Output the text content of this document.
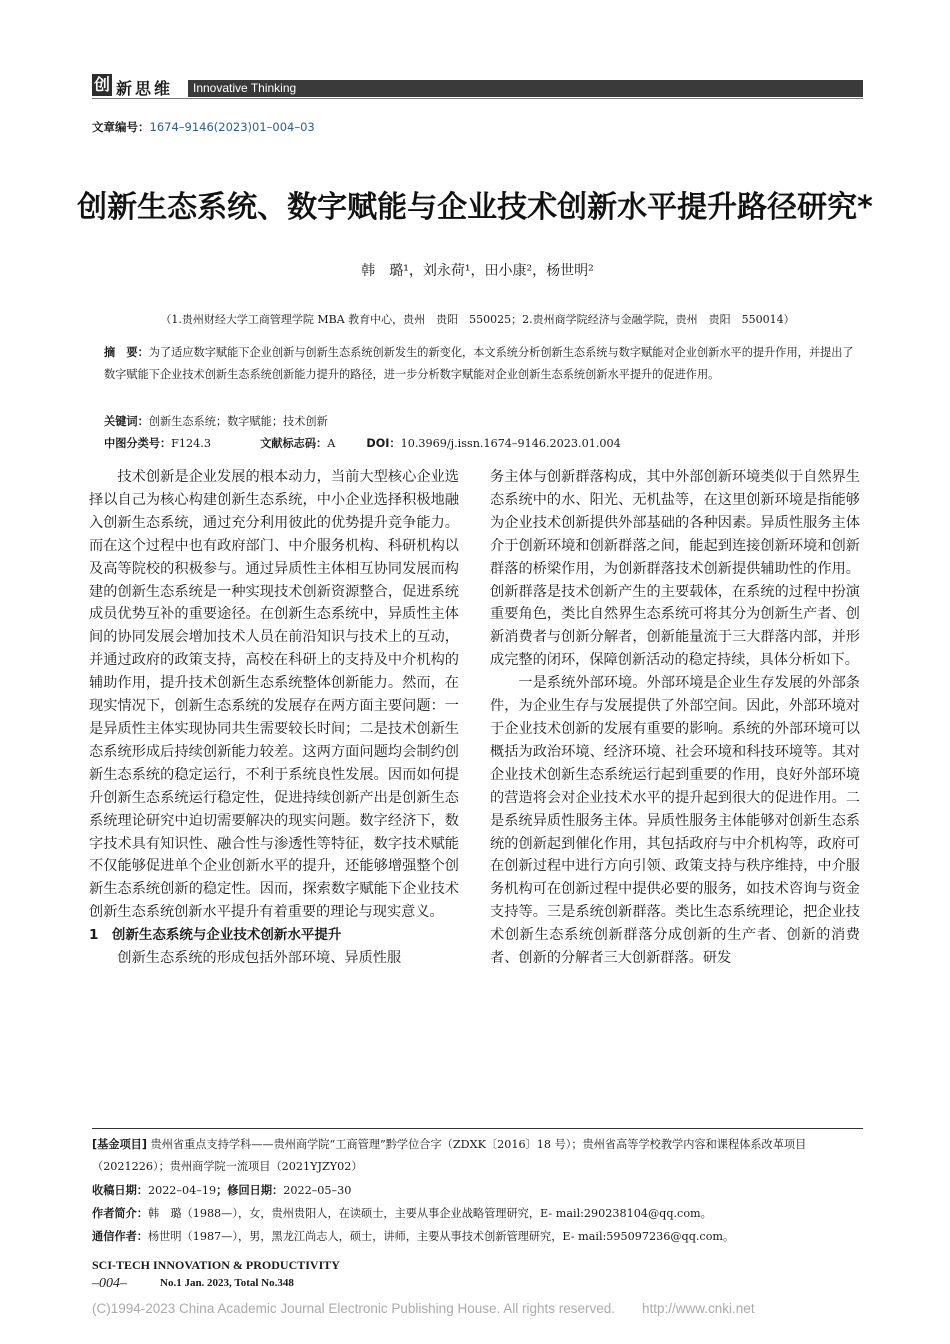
创 新思维 Innovative Thinking
文章编号：1674–9146(2023)01–004–03
创新生态系统、数字赋能与企业技术创新水平提升路径研究*
韩　璐¹，刘永荷¹，田小康²，杨世明²
（1.贵州财经大学工商管理学院 MBA 教育中心，贵州　贵阳　550025；2.贵州商学院经济与金融学院，贵州　贵阳　550014）
摘　要：为了适应数字赋能下企业创新与创新生态系统创新发生的新变化，本文系统分析创新生态系统与数字赋能对企业创新水平的提升作用，并提出了数字赋能下企业技术创新生态系统创新能力提升的路径，进一步分析数字赋能对企业创新生态系统创新水平提升的促进作用。
关键词：创新生态系统；数字赋能；技术创新
中图分类号：F124.3	文献标志码：A	DOI：10.3969/j.issn.1674–9146.2023.01.004

技术创新是企业发展的根本动力，当前大型核心企业选择以自己为核心构建创新生态系统，中小企业选择积极地融入创新生态系统，通过充分利用彼此的优势提升竞争能力。而在这个过程中也有政府部门、中介服务机构、科研机构以及高等院校的积极参与。通过异质性主体相互协同发展而构建的创新生态系统是一种实现技术创新资源整合，促进系统成员优势互补的重要途径。在创新生态系统中，异质性主体间的协同发展会增加技术人员在前沿知识与技术上的互动，并通过政府的政策支持，高校在科研上的支持及中介机构的辅助作用，提升技术创新生态系统整体创新能力。然而，在现实情况下，创新生态系统的发展存在两方面主要问题：一是异质性主体实现协同共生需要较长时间；二是技术创新生态系统形成后持续创新能力较差。这两方面问题均会制约创新生态系统的稳定运行，不利于系统良性发展。因而如何提升创新生态系统运行稳定性，促进持续创新产出是创新生态系统理论研究中迫切需要解决的现实问题。数字经济下，数字技术具有知识性、融合性与渗透性等特征，数字技术赋能不仅能够促进单个企业创新水平的提升，还能够增强整个创新生态系统创新的稳定性。因而，探索数字赋能下企业技术创新生态系统创新水平提升有着重要的理论与现实意义。

1　创新生态系统与企业技术创新水平提升

创新生态系统的形成包括外部环境、异质性服

务主体与创新群落构成，其中外部创新环境类似于自然界生态系统中的水、阳光、无机盐等，在这里创新环境是指能够为企业技术创新提供外部基础的各种因素。异质性服务主体介于创新环境和创新群落之间，能起到连接创新环境和创新群落的桥梁作用，为创新群落技术创新提供辅助性的作用。创新群落是技术创新产生的主要载体，在系统的过程中扮演重要角色，类比自然界生态系统可将其分为创新生产者、创新消费者与创新分解者，创新能量流于三大群落内部，并形成完整的闭环，保障创新活动的稳定持续，具体分析如下。

一是系统外部环境。外部环境是企业生存发展的外部条件，为企业生存与发展提供了外部空间。因此，外部环境对于企业技术创新的发展有重要的影响。系统的外部环境可以概括为政治环境、经济环境、社会环境和科技环境等。其对企业技术创新生态系统运行起到重要的作用，良好外部环境的营造将会对企业技术水平的提升起到很大的促进作用。二是系统异质性服务主体。异质性服务主体能够对创新生态系统的创新起到催化作用，其包括政府与中介机构等，政府可在创新过程中进行方向引领、政策支持与秩序维持，中介服务机构可在创新过程中提供必要的服务，如技术咨询与资金支持等。三是系统创新群落。类比生态系统理论，把企业技术创新生态系统创新群落分成创新的生产者、创新的消费者、创新的分解者三大创新群落。研发

[基金项目] 贵州省重点支持学科——贵州商学院“工商管理”黔学位合字（ZDXK〔2016〕18 号）；贵州省高等学校教学内容和课程体系改革项目（2021226）；贵州商学院一流项目（2021YJZY02）
收稿日期：2022–04–19；修回日期：2022–05–30
作者简介：韩　璐（1988—），女，贵州贵阳人，在读硕士，主要从事企业战略管理研究，E- mail:290238104@qq.com。
通信作者：杨世明（1987—），男，黑龙江尚志人，硕士，讲师，主要从事技术创新管理研究，E- mail:595097236@qq.com。
SCI-TECH INNOVATION & PRODUCTIVITY
–004–	No.1 Jan. 2023, Total No.348
(C)1994-2023 China Academic Journal Electronic Publishing House. All rights reserved.　　http://www.cnki.net
